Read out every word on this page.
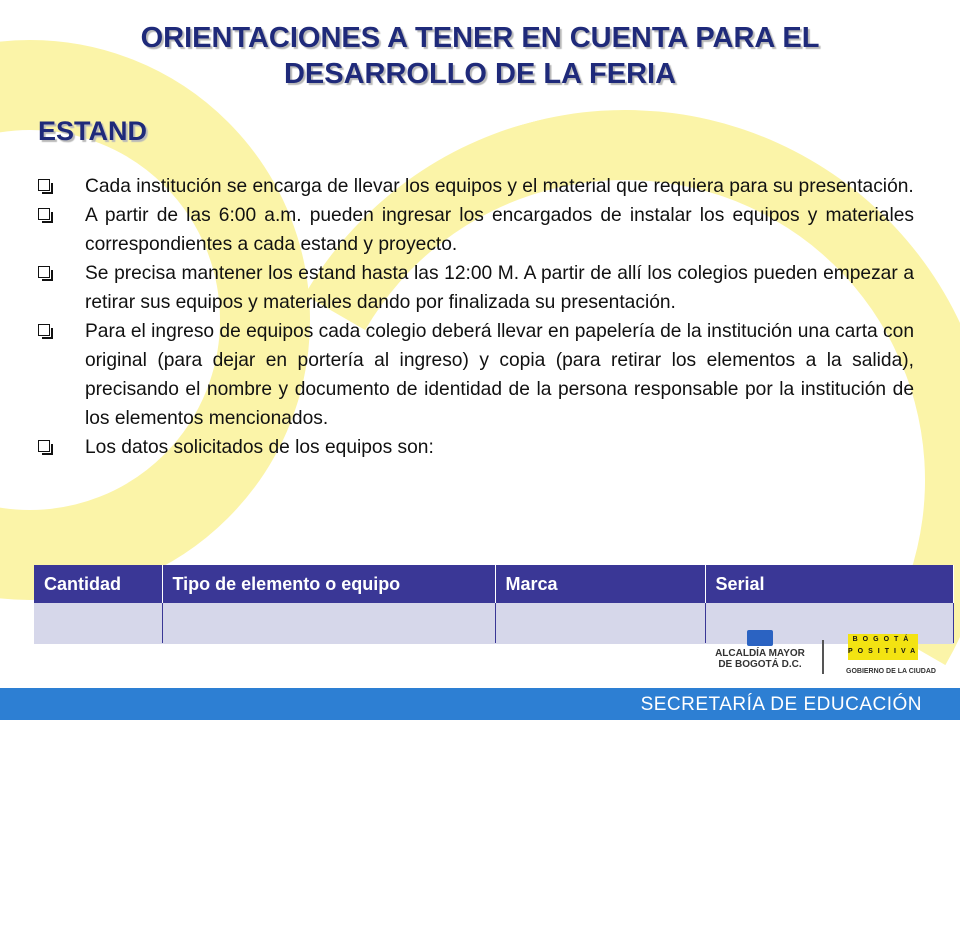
ORIENTACIONES A TENER EN CUENTA PARA EL
DESARROLLO DE LA FERIA
ESTAND
Cada institución se encarga de llevar los equipos y el material que requiera para su presentación.
A partir de las 6:00 a.m. pueden ingresar los encargados de instalar los equipos y materiales correspondientes a cada estand y proyecto.
Se precisa mantener los estand hasta las 12:00 M. A partir de allí los colegios pueden empezar a retirar sus equipos y materiales dando por finalizada su presentación.
Para el ingreso de equipos cada colegio deberá llevar en papelería de la institución una carta con original (para dejar en portería al ingreso) y copia (para retirar los elementos a la salida), precisando el nombre y documento de identidad de la persona responsable por la institución de los elementos mencionados.
Los datos solicitados de los equipos son:
Cantidad	Tipo de elemento o equipo	Marca	Serial

ALCALDÍA MAYOR
DE BOGOTÁ D.C.
BOGOTÁ
POSITIVA
GOBIERNO DE LA CIUDAD
SECRETARÍA DE EDUCACIÓN
